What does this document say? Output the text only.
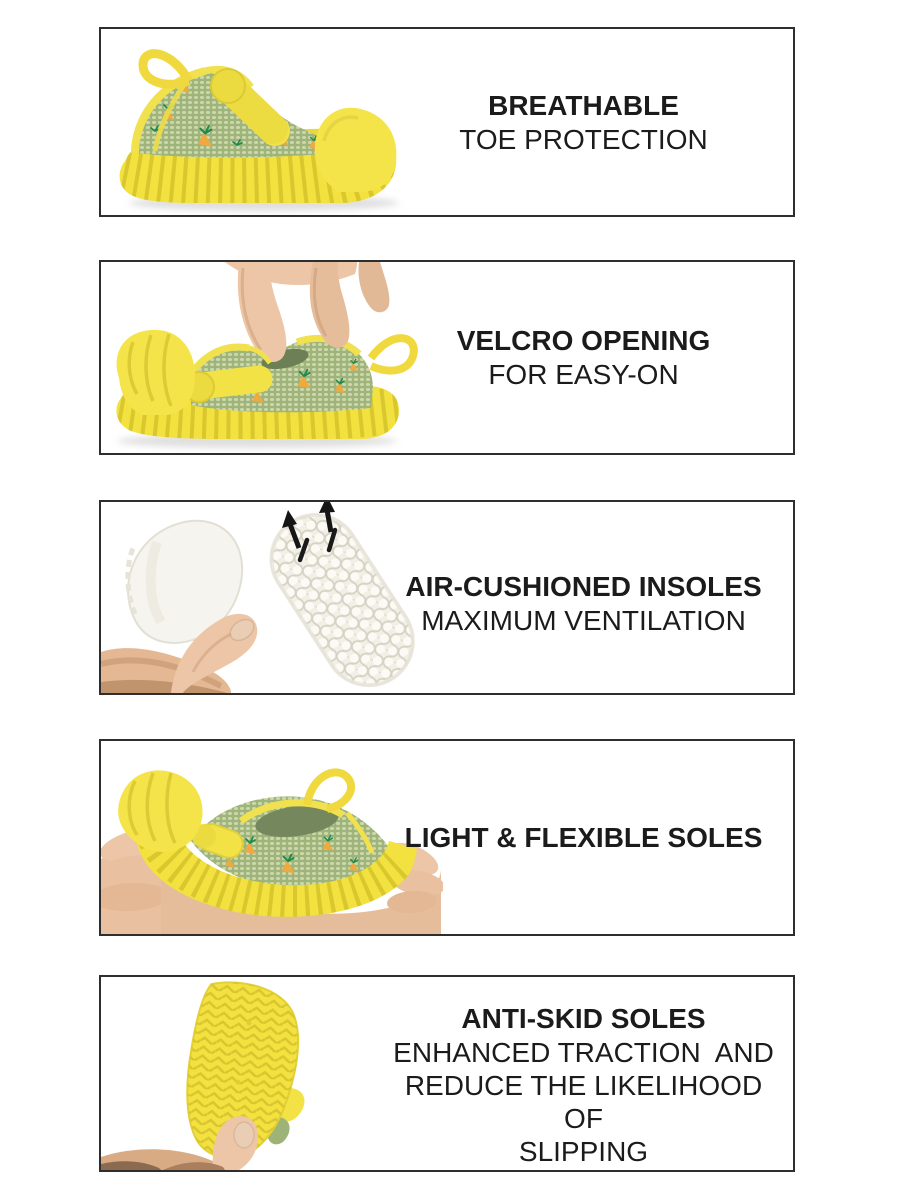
BREATHABLE
TOE PROTECTION
VELCRO OPENING
FOR EASY-ON
AIR-CUSHIONED INSOLES
MAXIMUM VENTILATION
LIGHT & FLEXIBLE SOLES
ANTI-SKID SOLES
ENHANCED TRACTION  AND
REDUCE THE LIKELIHOOD OF
SLIPPING
